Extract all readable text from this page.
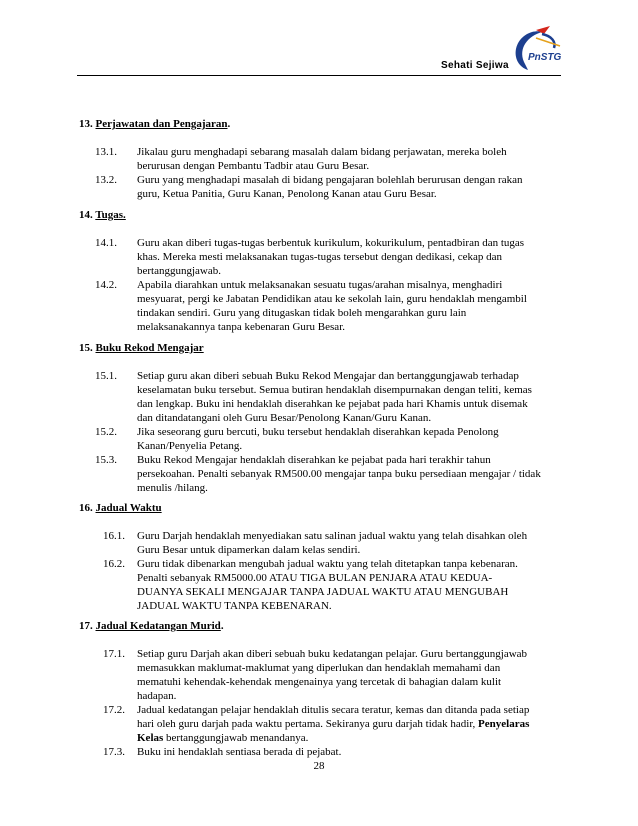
Sehati Sejiwa
PnSTG
13. Perjawatan dan Pengajaran.
13.1. Jikalau guru menghadapi sebarang masalah dalam bidang perjawatan, mereka boleh
berurusan dengan Pembantu Tadbir atau Guru Besar.
13.2. Guru yang menghadapi masalah di bidang pengajaran bolehlah berurusan dengan rakan
guru, Ketua Panitia, Guru Kanan, Penolong Kanan atau Guru Besar.
14. Tugas.
14.1. Guru akan diberi tugas-tugas berbentuk kurikulum, kokurikulum, pentadbiran dan tugas
khas. Mereka mesti melaksanakan tugas-tugas tersebut dengan dedikasi, cekap dan
bertanggungjawab.
14.2. Apabila diarahkan untuk melaksanakan sesuatu tugas/arahan misalnya, menghadiri
mesyuarat, pergi ke Jabatan Pendidikan atau ke sekolah lain, guru hendaklah mengambil
tindakan sendiri. Guru yang ditugaskan tidak boleh mengarahkan guru lain
melaksanakannya tanpa kebenaran Guru Besar.
15. Buku Rekod Mengajar
15.1. Setiap guru akan diberi sebuah Buku Rekod Mengajar dan bertanggungjawab terhadap
keselamatan buku tersebut. Semua butiran hendaklah disempurnakan dengan teliti, kemas
dan lengkap. Buku ini hendaklah diserahkan ke pejabat pada hari Khamis untuk disemak
dan ditandatangani oleh Guru Besar/Penolong Kanan/Guru Kanan.
15.2. Jika seseorang guru bercuti, buku tersebut hendaklah diserahkan kepada Penolong
Kanan/Penyelia Petang.
15.3. Buku Rekod Mengajar hendaklah diserahkan ke pejabat pada hari terakhir tahun
persekoahan. Penalti sebanyak RM500.00 mengajar tanpa buku persediaan mengajar / tidak
menulis /hilang.
16. Jadual Waktu
16.1. Guru Darjah hendaklah menyediakan satu salinan jadual waktu yang telah disahkan oleh
Guru Besar untuk dipamerkan dalam kelas sendiri.
16.2. Guru tidak dibenarkan mengubah jadual waktu yang telah ditetapkan tanpa kebenaran.
Penalti sebanyak RM5000.00 ATAU TIGA BULAN PENJARA ATAU KEDUA-
DUANYA SEKALI MENGAJAR TANPA JADUAL WAKTU ATAU MENGUBAH
JADUAL WAKTU TANPA KEBENARAN.
17. Jadual Kedatangan Murid.
17.1. Setiap guru Darjah akan diberi sebuah buku kedatangan pelajar. Guru bertanggungjawab
memasukkan maklumat-maklumat yang diperlukan dan hendaklah memahami dan
mematuhi kehendak-kehendak mengenainya yang tercetak di bahagian dalam kulit
hadapan.
17.2. Jadual kedatangan pelajar hendaklah ditulis secara teratur, kemas dan ditanda pada setiap
hari oleh guru darjah pada waktu pertama. Sekiranya guru darjah tidak hadir, Penyelaras
Kelas bertanggungjawab menandanya.
17.3. Buku ini hendaklah sentiasa berada di pejabat.
28
